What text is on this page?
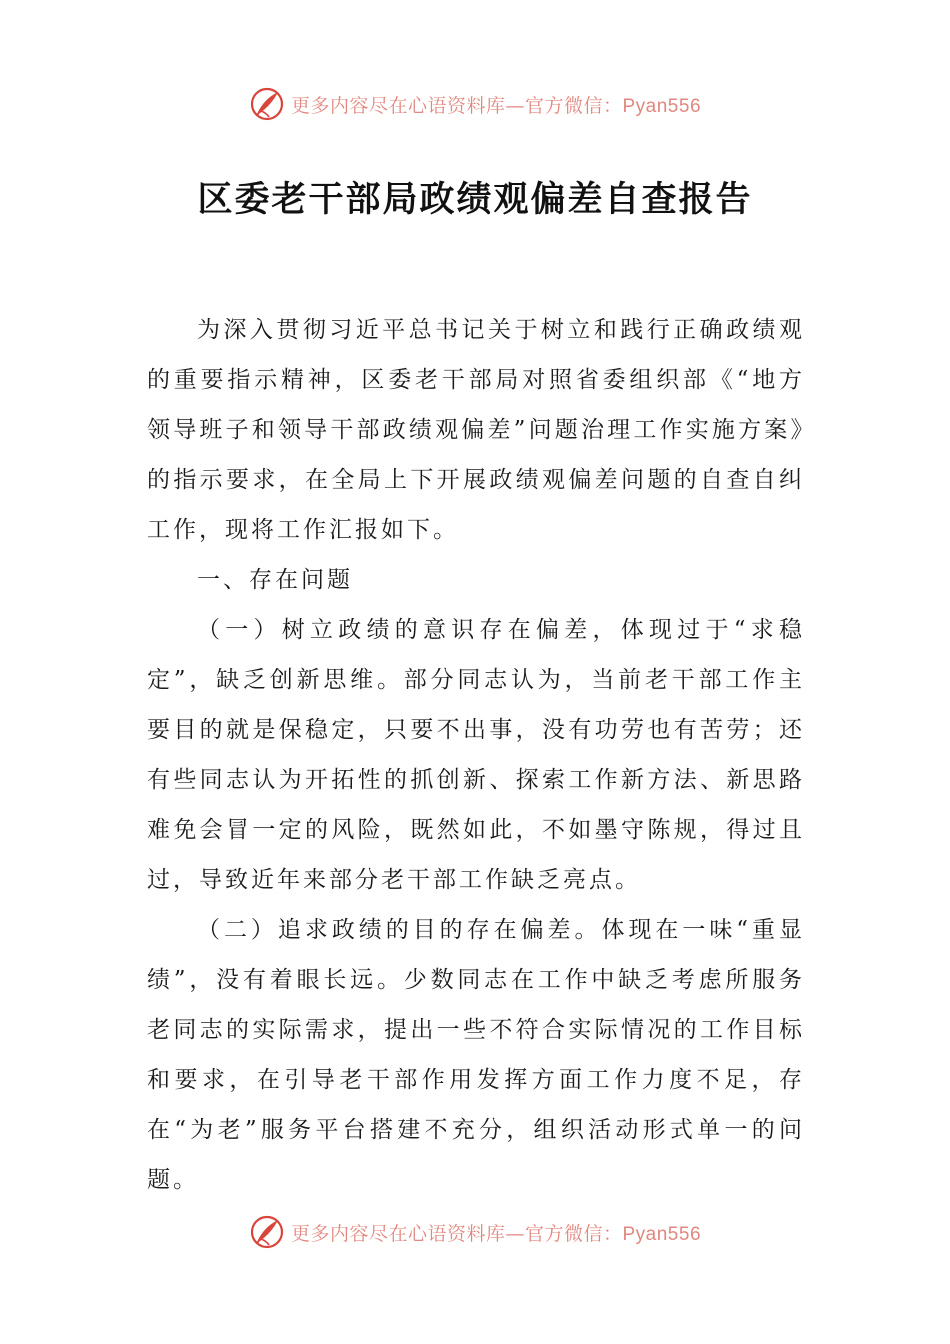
更多内容尽在心语资料库—官方微信：Pyan556
区委老干部局政绩观偏差自查报告

为深入贯彻习近平总书记关于树立和践行正确政绩观的重要指示精神，区委老干部局对照省委组织部《“地方领导班子和领导干部政绩观偏差”问题治理工作实施方案》的指示要求，在全局上下开展政绩观偏差问题的自查自纠工作，现将工作汇报如下。

一、存在问题

（一）树立政绩的意识存在偏差，体现过于“求稳定”，缺乏创新思维。部分同志认为，当前老干部工作主要目的就是保稳定，只要不出事，没有功劳也有苦劳；还有些同志认为开拓性的抓创新、探索工作新方法、新思路难免会冒一定的风险，既然如此，不如墨守陈规，得过且过，导致近年来部分老干部工作缺乏亮点。

（二）追求政绩的目的存在偏差。体现在一味“重显绩”，没有着眼长远。少数同志在工作中缺乏考虑所服务老同志的实际需求，提出一些不符合实际情况的工作目标和要求，在引导老干部作用发挥方面工作力度不足，存在“为老”服务平台搭建不充分，组织活动形式单一的问题。

更多内容尽在心语资料库—官方微信：Pyan556
